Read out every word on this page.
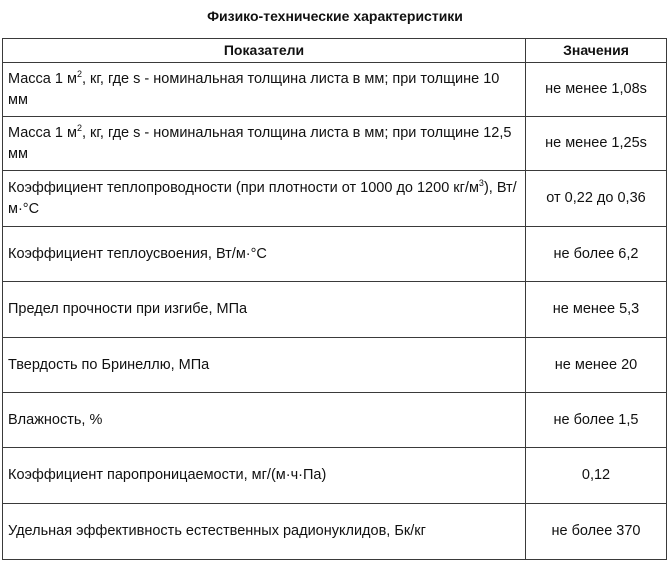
Физико-технические характеристики
Показатели	Значения
Масса 1 $м^2$, кг, где s - номинальная толщина листа в мм; при толщине 10 мм	не менее 1,08s
Масса 1 $м^2$, кг, где s - номинальная толщина листа в мм; при толщине 12,5 мм	не менее 1,25s
Коэффициент теплопроводности (при плотности от 1000 до 1200 $кг/м^3$), Вт/м·°С	от 0,22 до 0,36
Коэффициент теплоусвоения, Вт/м·°С	не более 6,2
Предел прочности при изгибе, МПа	не менее 5,3
Твердость по Бринеллю, МПа	не менее 20
Влажность, %	не более 1,5
Коэффициент паропроницаемости, мг/(м·ч·Па)	0,12
Удельная эффективность естественных радионуклидов, Бк/кг	не более 370
